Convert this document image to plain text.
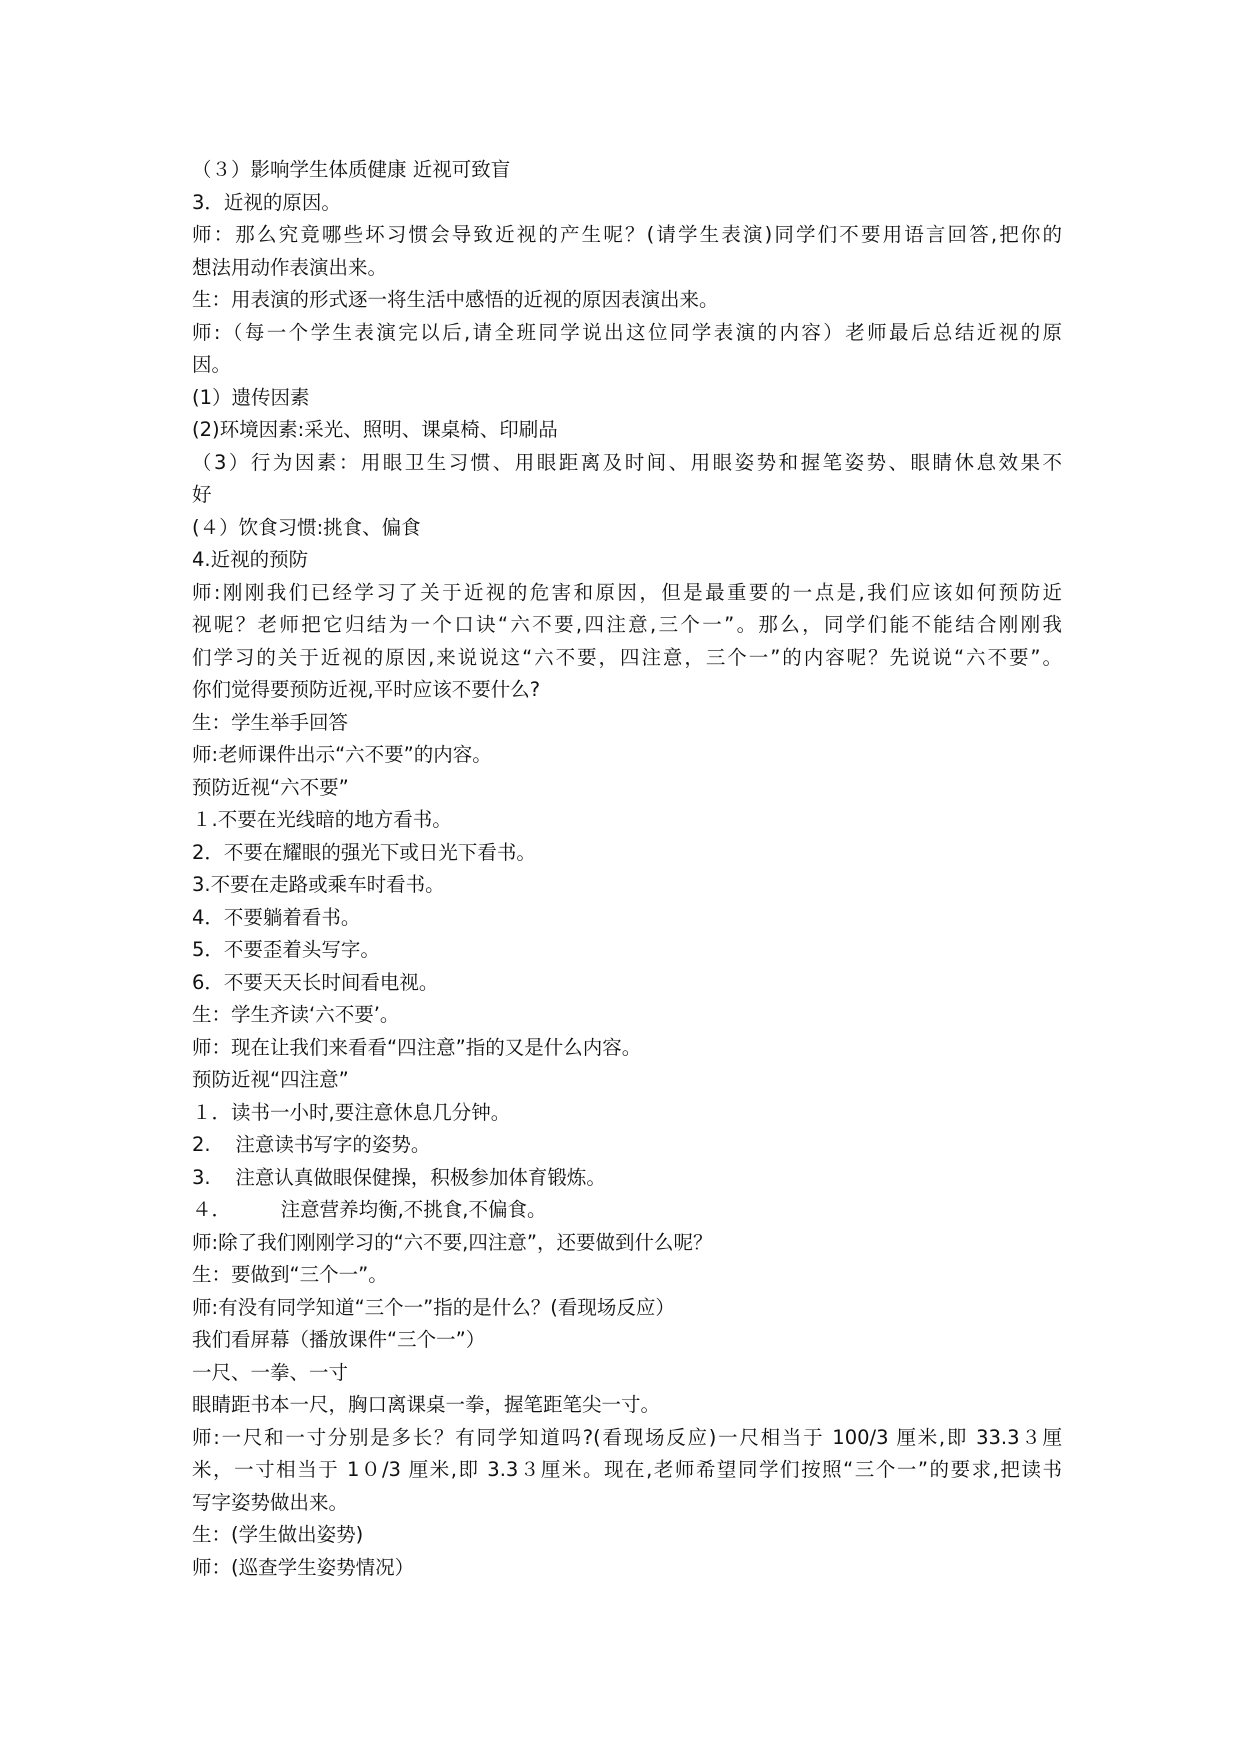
（３）影响学生体质健康 近视可致盲
3．近视的原因。
师：那么究竟哪些坏习惯会导致近视的产生呢？(请学生表演)同学们不要用语言回答,把你的
想法用动作表演出来。
生：用表演的形式逐一将生活中感悟的近视的原因表演出来。
师:（每一个学生表演完以后,请全班同学说出这位同学表演的内容）老师最后总结近视的原
因。
(1）遗传因素
(2)环境因素:采光、照明、课桌椅、印刷品
（3）行为因素：用眼卫生习惯、用眼距离及时间、用眼姿势和握笔姿势、眼睛休息效果不
好
(４）饮食习惯:挑食、偏食
4.近视的预防
师:刚刚我们已经学习了关于近视的危害和原因，但是最重要的一点是,我们应该如何预防近
视呢？老师把它归结为一个口诀“六不要,四注意,三个一”。那么，同学们能不能结合刚刚我
们学习的关于近视的原因,来说说这“六不要，四注意，三个一”的内容呢？先说说“六不要”。
你们觉得要预防近视,平时应该不要什么?
生：学生举手回答
师:老师课件出示“六不要”的内容。
预防近视“六不要”
１.不要在光线暗的地方看书。
2．不要在耀眼的强光下或日光下看书。
3.不要在走路或乘车时看书。
4．不要躺着看书。
5．不要歪着头写字。
6．不要天天长时间看电视。
生：学生齐读‘六不要’。
师：现在让我们来看看“四注意”指的又是什么内容。
预防近视“四注意”
１．读书一小时,要注意休息几分钟。
2.    注意读书写字的姿势。
3.    注意认真做眼保健操，积极参加体育锻炼。
４．        注意营养均衡,不挑食,不偏食。
师:除了我们刚刚学习的“六不要,四注意”，还要做到什么呢？
生：要做到“三个一”。
师:有没有同学知道“三个一”指的是什么？(看现场反应）
我们看屏幕（播放课件“三个一”）
一尺、一拳、一寸
眼睛距书本一尺，胸口离课桌一拳，握笔距笔尖一寸。
师:一尺和一寸分别是多长？有同学知道吗?(看现场反应)一尺相当于 100/3 厘米,即 33.3３厘
米，一寸相当于 1０/3 厘米,即 3.3３厘米。现在,老师希望同学们按照“三个一”的要求,把读书
写字姿势做出来。
生：(学生做出姿势)
师：(巡查学生姿势情况）
